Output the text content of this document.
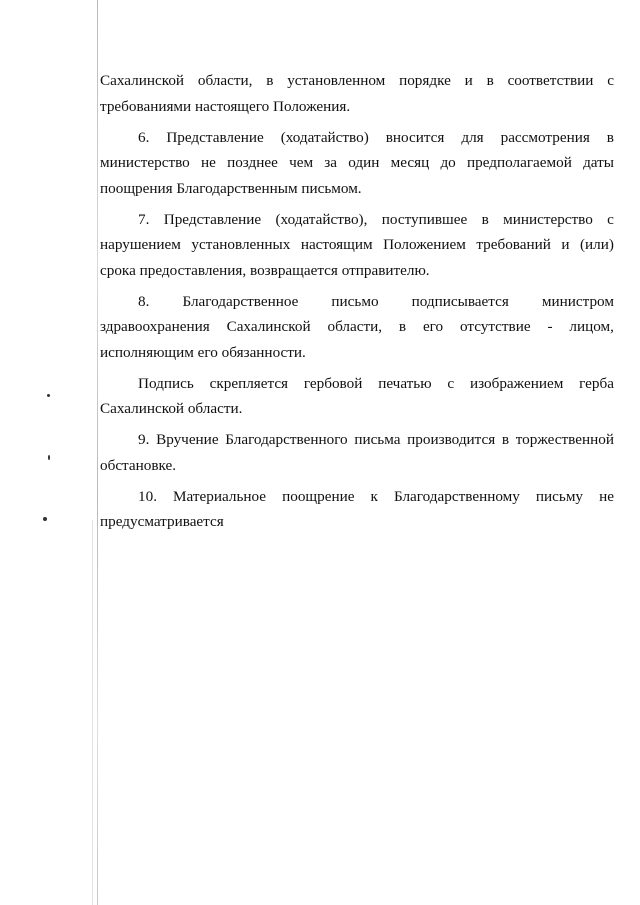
Сахалинской области, в установленном порядке и в соответствии с
требованиями настоящего Положения.
6. Представление (ходатайство) вносится для рассмотрения в
министерство не позднее чем за один месяц до предполагаемой даты
поощрения Благодарственным письмом.
7. Представление (ходатайство), поступившее в министерство с
нарушением установленных настоящим Положением требований и (или)
срока предоставления, возвращается отправителю.
8. Благодарственное письмо подписывается министром
здравоохранения Сахалинской области, в его отсутствие - лицом,
исполняющим его обязанности.
Подпись скрепляется гербовой печатью с изображением герба
Сахалинской области.
9. Вручение Благодарственного письма производится в торжественной
обстановке.
10. Материальное поощрение к Благодарственному письму не
предусматривается
